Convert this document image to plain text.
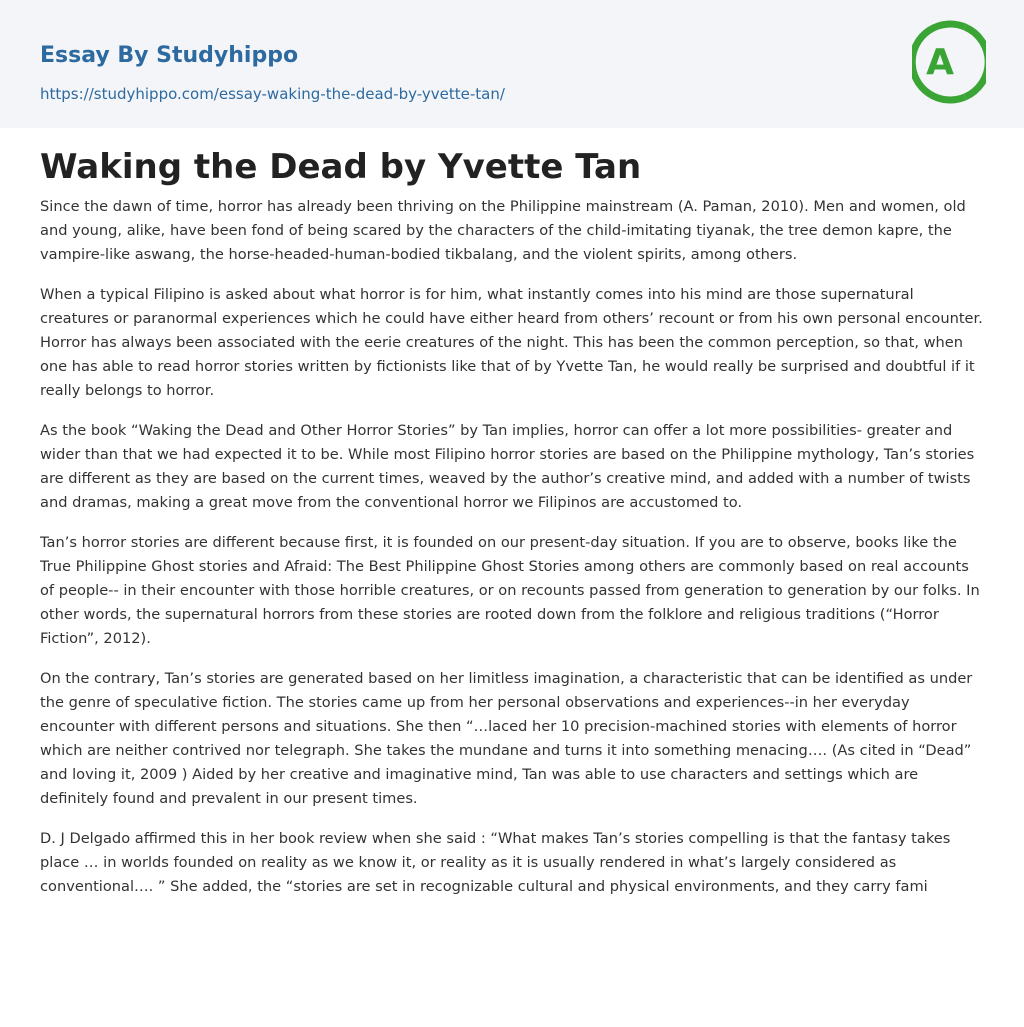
Essay By Studyhippo
https://studyhippo.com/essay-waking-the-dead-by-yvette-tan/
A
Waking the Dead by Yvette Tan

Since the dawn of time, horror has already been thriving on the Philippine mainstream (A. Paman, 2010). Men and women, old and young, alike, have been fond of being scared by the characters of the child-imitating tiyanak, the tree demon kapre, the vampire-like aswang, the horse-headed-human-bodied tikbalang, and the violent spirits, among others.

When a typical Filipino is asked about what horror is for him, what instantly comes into his mind are those supernatural creatures or paranormal experiences which he could have either heard from others’ recount or from his own personal encounter. Horror has always been associated with the eerie creatures of the night. This has been the common perception, so that, when one has able to read horror stories written by fictionists like that of by Yvette Tan, he would really be surprised and doubtful if it really belongs to horror.

As the book “Waking the Dead and Other Horror Stories” by Tan implies, horror can offer a lot more possibilities- greater and wider than that we had expected it to be. While most Filipino horror stories are based on the Philippine mythology, Tan’s stories are different as they are based on the current times, weaved by the author’s creative mind, and added with a number of twists and dramas, making a great move from the conventional horror we Filipinos are accustomed to.

Tan’s horror stories are different because first, it is founded on our present-day situation. If you are to observe, books like the True Philippine Ghost stories and Afraid: The Best Philippine Ghost Stories among others are commonly based on real accounts of people-- in their encounter with those horrible creatures, or on recounts passed from generation to generation by our folks. In other words, the supernatural horrors from these stories are rooted down from the folklore and religious traditions (“Horror Fiction”, 2012).

On the contrary, Tan’s stories are generated based on her limitless imagination, a characteristic that can be identified as under the genre of speculative fiction. The stories came up from her personal observations and experiences--in her everyday encounter with different persons and situations. She then “…laced her 10 precision-machined stories with elements of horror which are neither contrived nor telegraph. She takes the mundane and turns it into something menacing…. (As cited in “Dead” and loving it, 2009 ) Aided by her creative and imaginative mind, Tan was able to use characters and settings which are definitely found and prevalent in our present times.

D. J Delgado affirmed this in her book review when she said : “What makes Tan’s stories compelling is that the fantasy takes place … in worlds founded on reality as we know it, or reality as it is usually rendered in what’s largely considered as conventional…. ” She added, the “stories are set in recognizable cultural and physical environments, and they carry fami
